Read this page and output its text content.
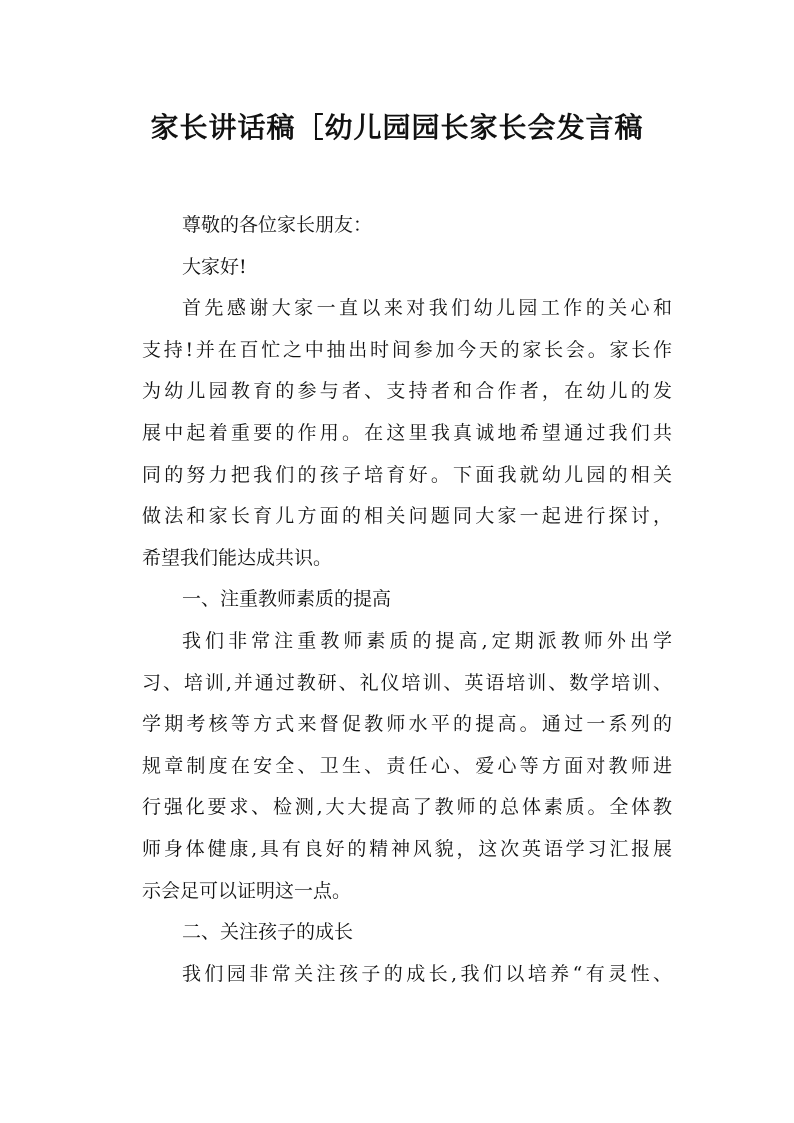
家长讲话稿［幼儿园园长家长会发言稿
尊敬的各位家长朋友：
大家好!
首先感谢大家一直以来对我们幼儿园工作的关心和
支持!并在百忙之中抽出时间参加今天的家长会。家长作
为幼儿园教育的参与者、支持者和合作者，在幼儿的发
展中起着重要的作用。在这里我真诚地希望通过我们共
同的努力把我们的孩子培育好。下面我就幼儿园的相关
做法和家长育儿方面的相关问题同大家一起进行探讨，
希望我们能达成共识。
一、注重教师素质的提高
我们非常注重教师素质的提高,定期派教师外出学
习、培训,并通过教研、礼仪培训、英语培训、数学培训、
学期考核等方式来督促教师水平的提高。通过一系列的
规章制度在安全、卫生、责任心、爱心等方面对教师进
行强化要求、检测,大大提高了教师的总体素质。全体教
师身体健康,具有良好的精神风貌，这次英语学习汇报展
示会足可以证明这一点。
二、关注孩子的成长
我们园非常关注孩子的成长,我们以培养“有灵性、
